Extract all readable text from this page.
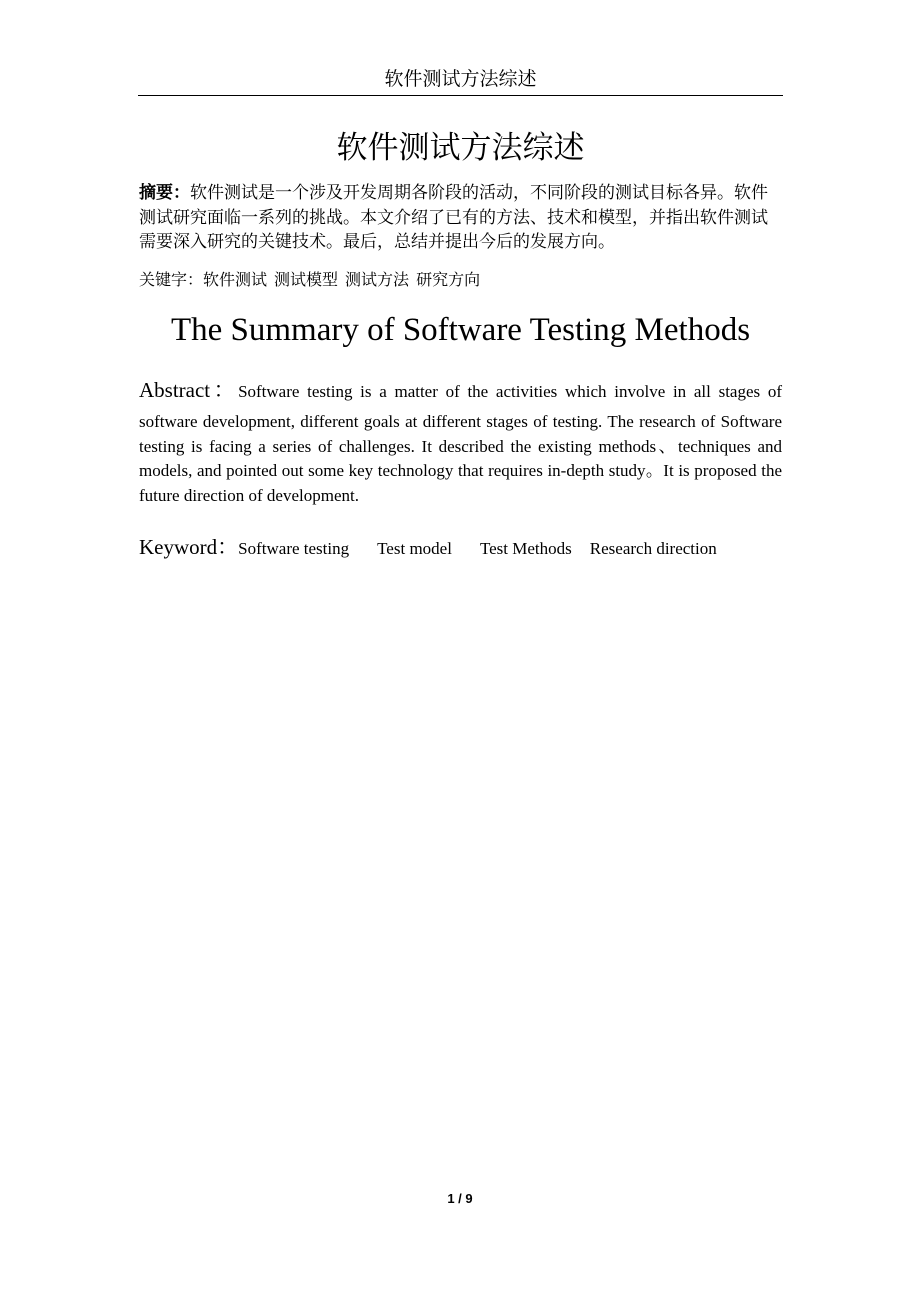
软件测试方法综述
软件测试方法综述
摘要：软件测试是一个涉及开发周期各阶段的活动，不同阶段的测试目标各异。软件测试研究面临一系列的挑战。本文介绍了已有的方法、技术和模型，并指出软件测试需要深入研究的关键技术。最后，总结并提出今后的发展方向。
关键字：软件测试 测试模型 测试方法 研究方向
The Summary of Software Testing Methods
Abstract：Software testing is a matter of the activities which involve in all stages of
software development, different goals at different stages of testing. The research of Software testing is facing a series of challenges. It described the existing methods、techniques and models, and pointed out some key technology that requires in-depth study。It is proposed the future direction of development.
Keyword：Software testing Test model Test Methods Research direction
1 / 9
